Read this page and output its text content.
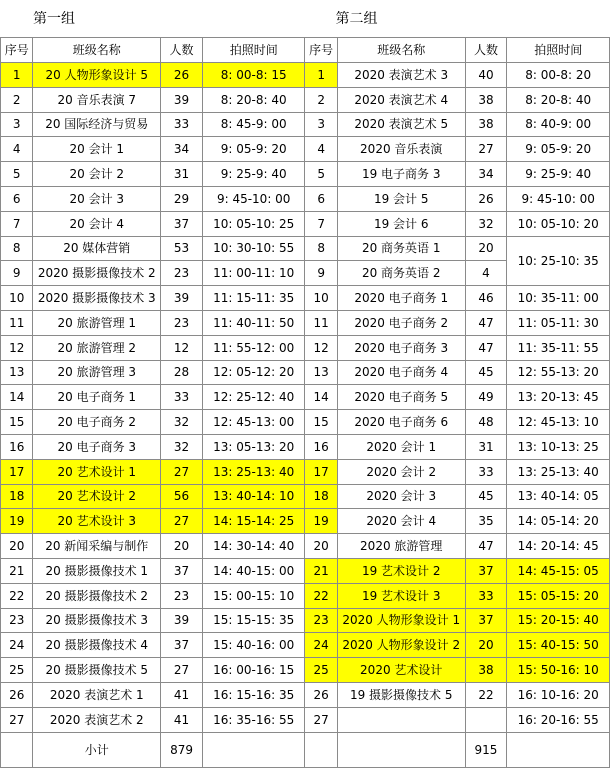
第一组				第二组			
序号	班级名称	人数	拍照时间	序号	班级名称	人数	拍照时间
1	20 人物形象设计 5	26	8: 00-8: 15	1	2020 表演艺术 3	40	8: 00-8: 20
2	20 音乐表演 7	39	8: 20-8: 40	2	2020 表演艺术 4	38	8: 20-8: 40
3	20 国际经济与贸易	33	8: 45-9: 00	3	2020 表演艺术 5	38	8: 40-9: 00
4	20 会计 1	34	9: 05-9: 20	4	2020 音乐表演	27	9: 05-9: 20
5	20 会计 2	31	9: 25-9: 40	5	19 电子商务 3	34	9: 25-9: 40
6	20 会计 3	29	9: 45-10: 00	6	19 会计 5	26	9: 45-10: 00
7	20 会计 4	37	10: 05-10: 25	7	19 会计 6	32	10: 05-10: 20
8	20 媒体营销	53	10: 30-10: 55	8	20 商务英语 1	20	10: 25-10: 35
9	2020 摄影摄像技术 2	23	11: 00-11: 10	9	20 商务英语 2	4	
10	2020 摄影摄像技术 3	39	11: 15-11: 35	10	2020 电子商务 1	46	10: 35-11: 00
11	20 旅游管理 1	23	11: 40-11: 50	11	2020 电子商务 2	47	11: 05-11: 30
12	20 旅游管理 2	12	11: 55-12: 00	12	2020 电子商务 3	47	11: 35-11: 55
13	20 旅游管理 3	28	12: 05-12: 20	13	2020 电子商务 4	45	12: 55-13: 20
14	20 电子商务 1	33	12: 25-12: 40	14	2020 电子商务 5	49	13: 20-13: 45
15	20 电子商务 2	32	12: 45-13: 00	15	2020 电子商务 6	48	12: 45-13: 10
16	20 电子商务 3	32	13: 05-13: 20	16	2020 会计 1	31	13: 10-13: 25
17	20 艺术设计 1	27	13: 25-13: 40	17	2020 会计 2	33	13: 25-13: 40
18	20 艺术设计 2	56	13: 40-14: 10	18	2020 会计 3	45	13: 40-14: 05
19	20 艺术设计 3	27	14: 15-14: 25	19	2020 会计 4	35	14: 05-14: 20
20	20 新闻采编与制作	20	14: 30-14: 40	20	2020 旅游管理	47	14: 20-14: 45
21	20 摄影摄像技术 1	37	14: 40-15: 00	21	19 艺术设计 2	37	14: 45-15: 05
22	20 摄影摄像技术 2	23	15: 00-15: 10	22	19 艺术设计 3	33	15: 05-15: 20
23	20 摄影摄像技术 3	39	15: 15-15: 35	23	2020 人物形象设计 1	37	15: 20-15: 40
24	20 摄影摄像技术 4	37	15: 40-16: 00	24	2020 人物形象设计 2	20	15: 40-15: 50
25	20 摄影摄像技术 5	27	16: 00-16: 15	25	2020 艺术设计	38	15: 50-16: 10
26	2020 表演艺术 1	41	16: 15-16: 35	26	19 摄影摄像技术 5	22	16: 10-16: 20
27	2020 表演艺术 2	41	16: 35-16: 55	27			16: 20-16: 55
	小计	879				915	
